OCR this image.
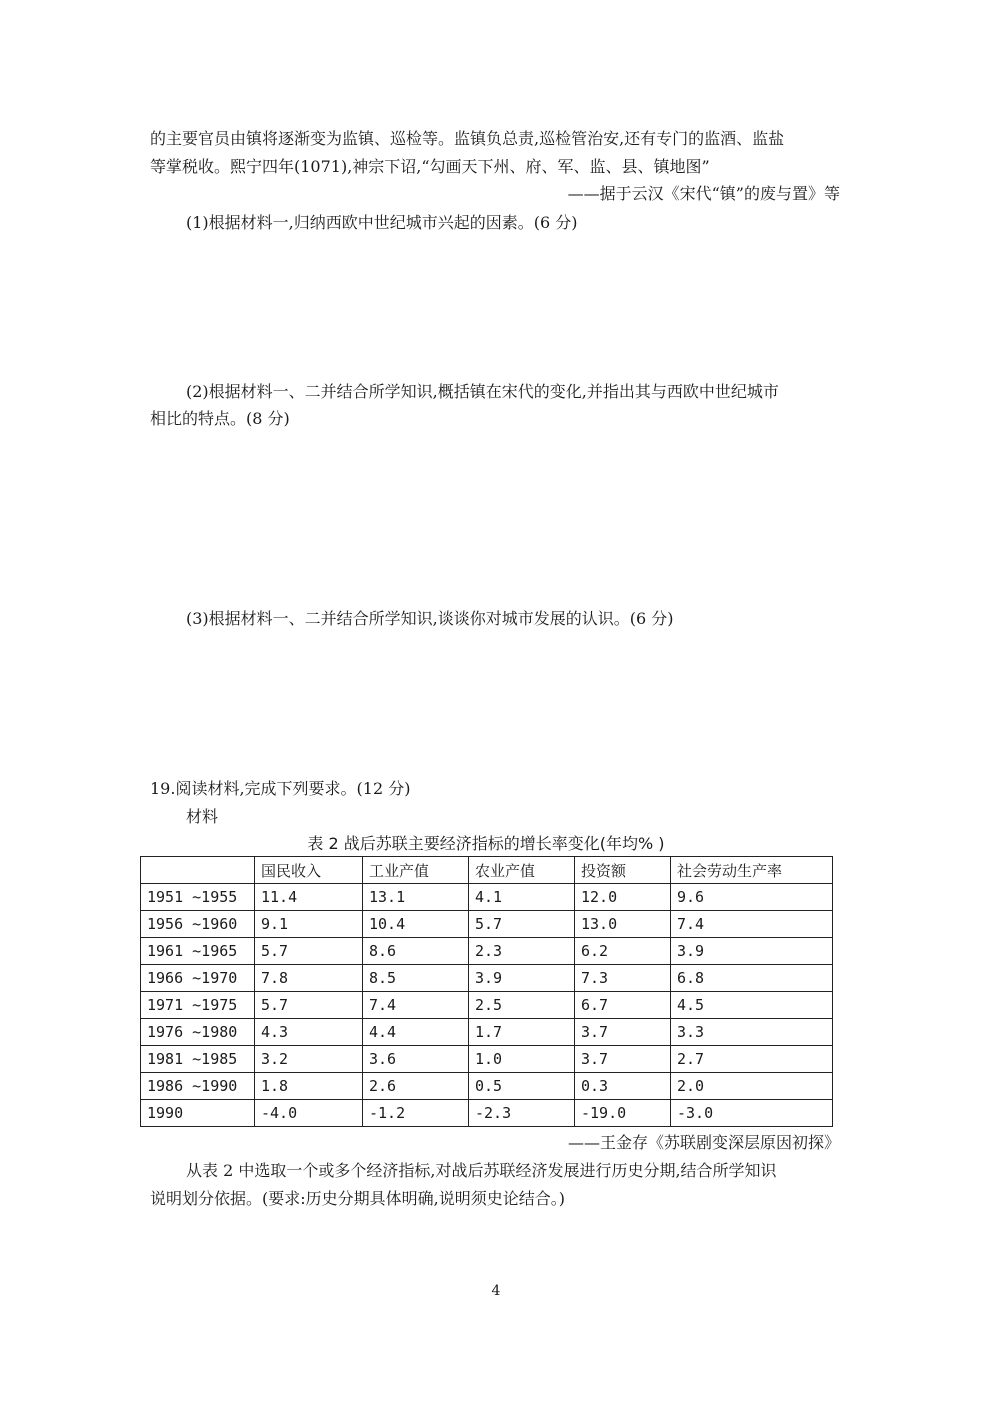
的主要官员由镇将逐渐变为监镇、巡检等。监镇负总责,巡检管治安,还有专门的监酒、监盐
等掌税收。熙宁四年(1071),神宗下诏,“勾画天下州、府、军、监、县、镇地图”
——据于云汉《宋代“镇”的废与置》等
(1)根据材料一,归纳西欧中世纪城市兴起的因素。(6 分)
(2)根据材料一、二并结合所学知识,概括镇在宋代的变化,并指出其与西欧中世纪城市
相比的特点。(8 分)
(3)根据材料一、二并结合所学知识,谈谈你对城市发展的认识。(6 分)
19.阅读材料,完成下列要求。(12 分)
材料
表 2 战后苏联主要经济指标的增长率变化(年均% )
	国民收入	工业产值	农业产值	投资额	社会劳动生产率
1951 ~1955	11.4	13.1	4.1	12.0	9.6
1956 ~1960	9.1	10.4	5.7	13.0	7.4
1961 ~1965	5.7	8.6	2.3	6.2	3.9
1966 ~1970	7.8	8.5	3.9	7.3	6.8
1971 ~1975	5.7	7.4	2.5	6.7	4.5
1976 ~1980	4.3	4.4	1.7	3.7	3.3
1981 ~1985	3.2	3.6	1.0	3.7	2.7
1986 ~1990	1.8	2.6	0.5	0.3	2.0
1990	-4.0	-1.2	-2.3	-19.0	-3.0
——王金存《苏联剧变深层原因初探》
从表 2 中选取一个或多个经济指标,对战后苏联经济发展进行历史分期,结合所学知识
说明划分依据。(要求:历史分期具体明确,说明须史论结合。)
4
